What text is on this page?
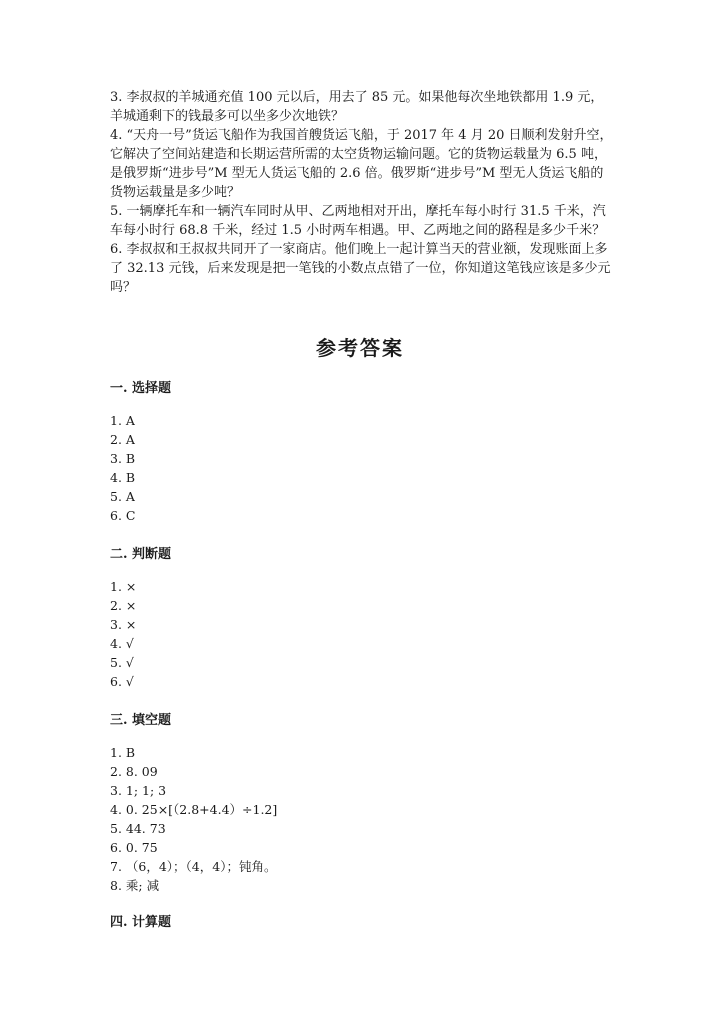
3. 李叔叔的羊城通充值 100 元以后，用去了 85 元。如果他每次坐地铁都用 1.9 元，羊城通剩下的钱最多可以坐多少次地铁？

4. “天舟一号”货运飞船作为我国首艘货运飞船，于 2017 年 4 月 20 日顺利发射升空，它解决了空间站建造和长期运营所需的太空货物运输问题。它的货物运载量为 6.5 吨，是俄罗斯“进步号”M 型无人货运飞船的 2.6 倍。俄罗斯“进步号”M 型无人货运飞船的货物运载量是多少吨？

5. 一辆摩托车和一辆汽车同时从甲、乙两地相对开出，摩托车每小时行 31.5 千米，汽车每小时行 68.8 千米，经过 1.5 小时两车相遇。甲、乙两地之间的路程是多少千米？

6. 李叔叔和王叔叔共同开了一家商店。他们晚上一起计算当天的营业额，发现账面上多了 32.13 元钱，后来发现是把一笔钱的小数点点错了一位，你知道这笔钱应该是多少元吗？

参考答案
一. 选择题
1. A
2. A
3. B
4. B
5. A
6. C
二. 判断题
1. ×
2. ×
3. ×
4. √
5. √
6. √
三. 填空题
1. B
2. 8. 09
3. 1; 1; 3
4. 0. 25×[（2.8+4.4）÷1.2]
5. 44. 73
6. 0. 75
7. （6，4）；（4，4）；钝角。
8. 乘; 减
四. 计算题
